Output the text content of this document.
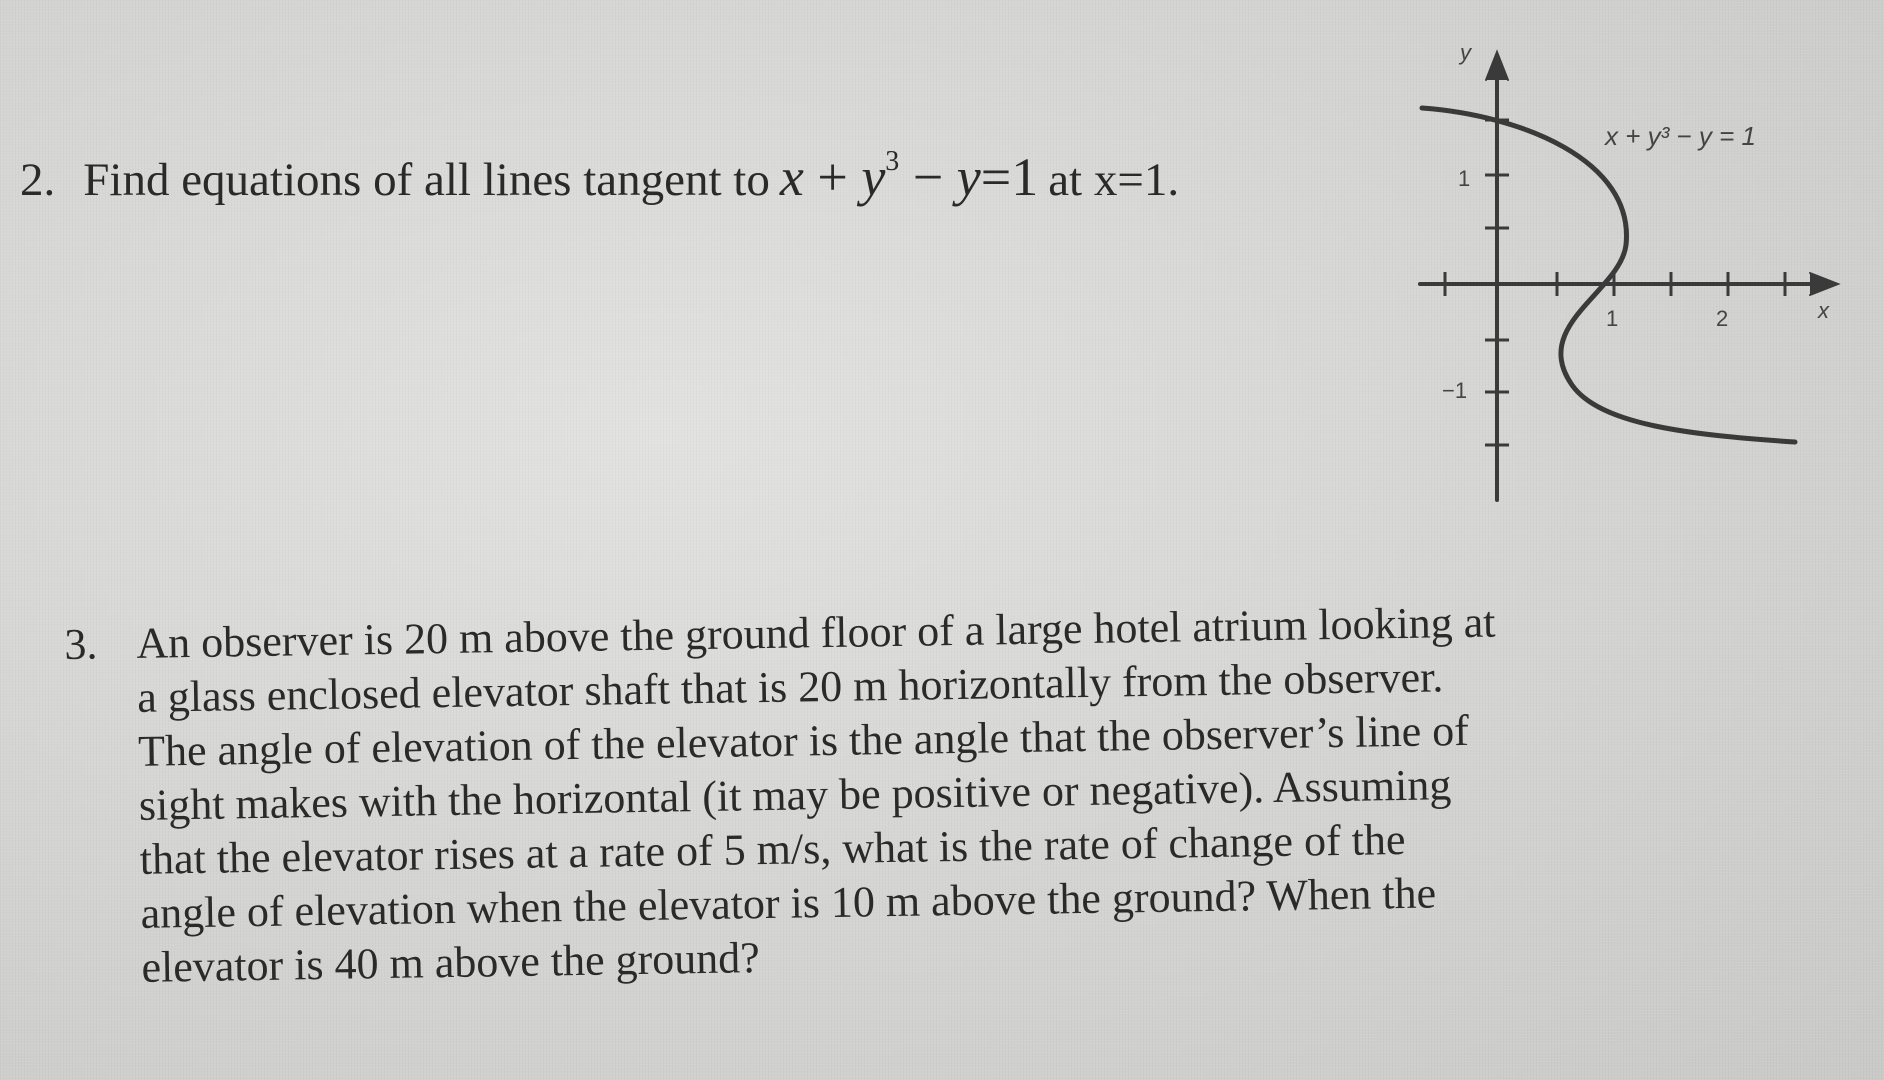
2. Find equations of all lines tangent to $x + y^3 - y=1$ at x=1.
y
x
x + y³ − y = 1
1
−1
1	2
3. An observer is 20 m above the ground floor of a large hotel atrium looking at
a glass enclosed elevator shaft that is 20 m horizontally from the observer.
The angle of elevation of the elevator is the angle that the observer’s line of
sight makes with the horizontal (it may be positive or negative). Assuming
that the elevator rises at a rate of 5 m/s, what is the rate of change of the
angle of elevation when the elevator is 10 m above the ground? When the
elevator is 40 m above the ground?
